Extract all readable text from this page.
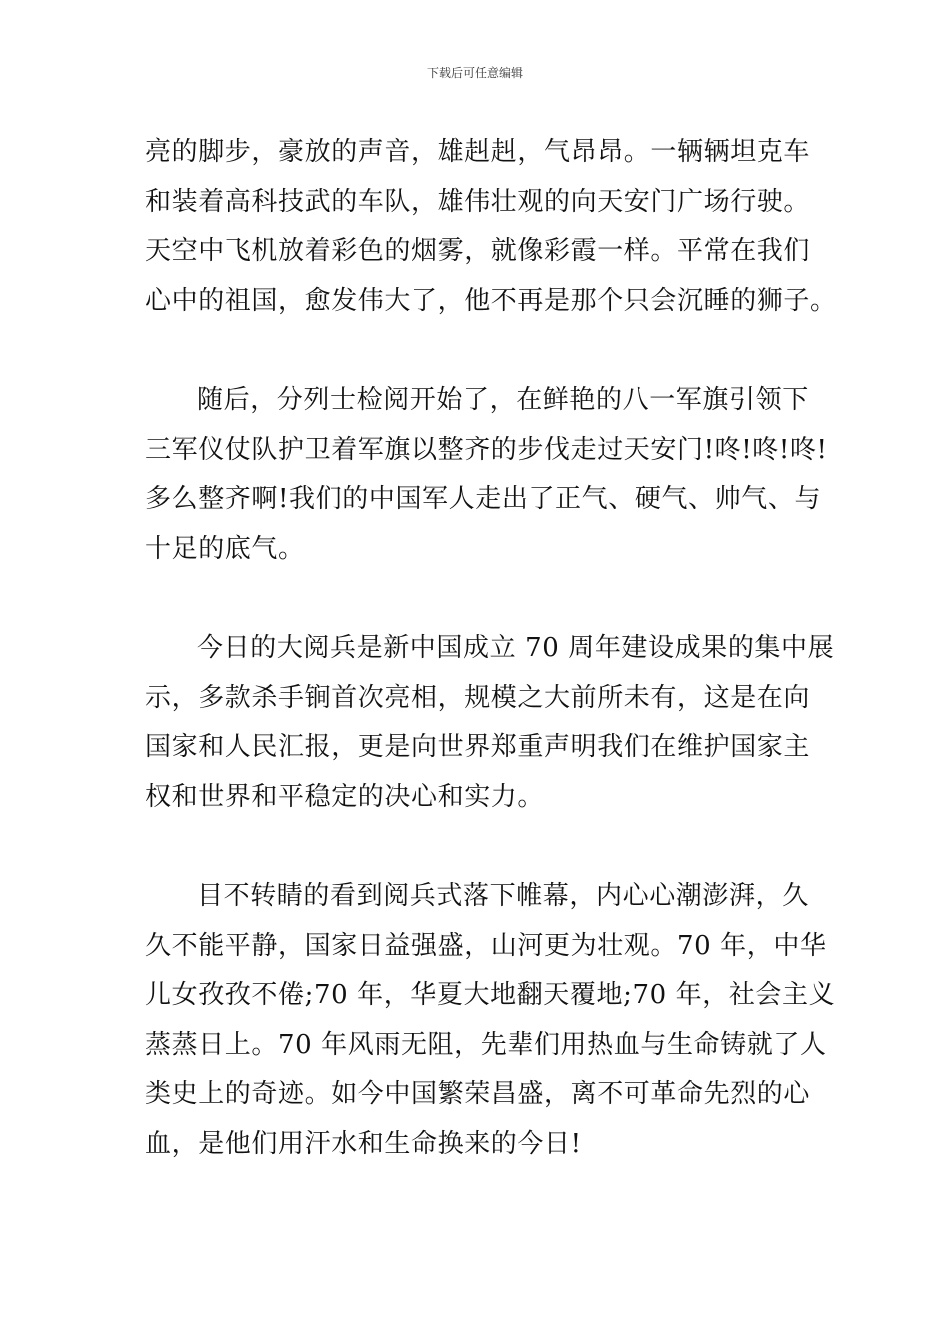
下载后可任意编辑
亮的脚步，豪放的声音，雄赳赳，气昂昂。一辆辆坦克车
和装着高科技武的车队，雄伟壮观的向天安门广场行驶。
天空中飞机放着彩色的烟雾，就像彩霞一样。平常在我们
心中的祖国，愈发伟大了，他不再是那个只会沉睡的狮子。
随后，分列士检阅开始了，在鲜艳的八一军旗引领下
三军仪仗队护卫着军旗以整齐的步伐走过天安门!咚!咚!咚!
多么整齐啊!我们的中国军人走出了正气、硬气、帅气、与
十足的底气。
今日的大阅兵是新中国成立 70 周年建设成果的集中展
示，多款杀手锏首次亮相，规模之大前所未有，这是在向
国家和人民汇报，更是向世界郑重声明我们在维护国家主
权和世界和平稳定的决心和实力。
目不转睛的看到阅兵式落下帷幕，内心心潮澎湃，久
久不能平静，国家日益强盛，山河更为壮观。70 年，中华
儿女孜孜不倦;70 年，华夏大地翻天覆地;70 年，社会主义
蒸蒸日上。70 年风雨无阻，先辈们用热血与生命铸就了人
类史上的奇迹。如今中国繁荣昌盛，离不可革命先烈的心
血，是他们用汗水和生命换来的今日!
